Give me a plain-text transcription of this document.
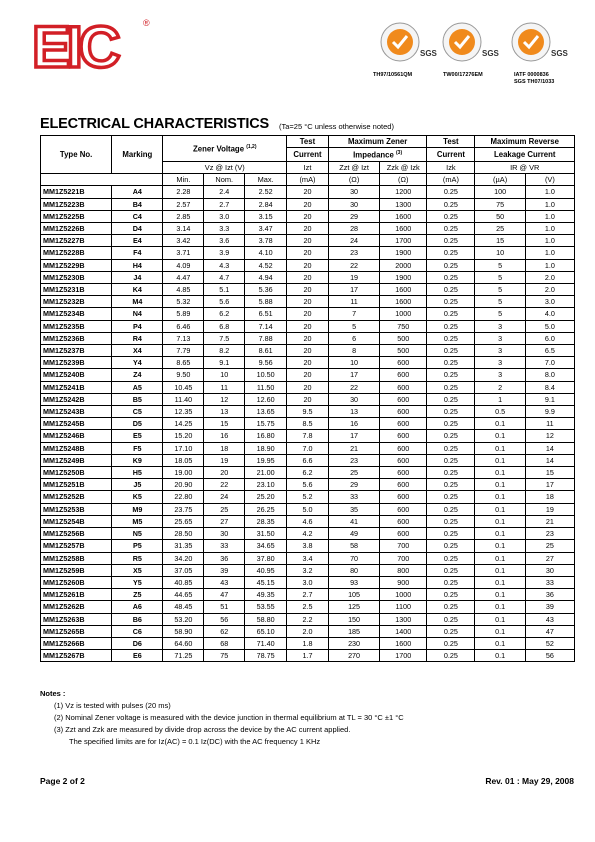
EIC	®
SGS
TH97/10561QM
SGS
TW00/17276EM
SGS
IATF 0000836
SGS TH07/1033
ELECTRICAL CHARACTERISTICS (Ta=25 °C unless otherwise noted)
Type No.	Marking	Zener Voltage $^{(1,2)}$			Test	Maximum Zener		Test	Maximum Reverse	
					Current	Impedance $^{(3)}$		Current	Leakage Current	
		Vz @ Izt (V)			Izt	Zzt @ Izt	Zzk @ Izk	Izk	IR @ VR	
		Min.	Nom.	Max.	(mA)	(Ω)	(Ω)	(mA)	(µA)	(V)
MM1Z5221B	A4	2.28	2.4	2.52	20	30	1200	0.25	100	1.0
MM1Z5223B	B4	2.57	2.7	2.84	20	30	1300	0.25	75	1.0
MM1Z5225B	C4	2.85	3.0	3.15	20	29	1600	0.25	50	1.0
MM1Z5226B	D4	3.14	3.3	3.47	20	28	1600	0.25	25	1.0
MM1Z5227B	E4	3.42	3.6	3.78	20	24	1700	0.25	15	1.0
MM1Z5228B	F4	3.71	3.9	4.10	20	23	1900	0.25	10	1.0
MM1Z5229B	H4	4.09	4.3	4.52	20	22	2000	0.25	5	1.0
MM1Z5230B	J4	4.47	4.7	4.94	20	19	1900	0.25	5	2.0
MM1Z5231B	K4	4.85	5.1	5.36	20	17	1600	0.25	5	2.0
MM1Z5232B	M4	5.32	5.6	5.88	20	11	1600	0.25	5	3.0
MM1Z5234B	N4	5.89	6.2	6.51	20	7	1000	0.25	5	4.0
MM1Z5235B	P4	6.46	6.8	7.14	20	5	750	0.25	3	5.0
MM1Z5236B	R4	7.13	7.5	7.88	20	6	500	0.25	3	6.0
MM1Z5237B	X4	7.79	8.2	8.61	20	8	500	0.25	3	6.5
MM1Z5239B	Y4	8.65	9.1	9.56	20	10	600	0.25	3	7.0
MM1Z5240B	Z4	9.50	10	10.50	20	17	600	0.25	3	8.0
MM1Z5241B	A5	10.45	11	11.50	20	22	600	0.25	2	8.4
MM1Z5242B	B5	11.40	12	12.60	20	30	600	0.25	1	9.1
MM1Z5243B	C5	12.35	13	13.65	9.5	13	600	0.25	0.5	9.9
MM1Z5245B	D5	14.25	15	15.75	8.5	16	600	0.25	0.1	11
MM1Z5246B	E5	15.20	16	16.80	7.8	17	600	0.25	0.1	12
MM1Z5248B	F5	17.10	18	18.90	7.0	21	600	0.25	0.1	14
MM1Z5249B	K9	18.05	19	19.95	6.6	23	600	0.25	0.1	14
MM1Z5250B	H5	19.00	20	21.00	6.2	25	600	0.25	0.1	15
MM1Z5251B	J5	20.90	22	23.10	5.6	29	600	0.25	0.1	17
MM1Z5252B	K5	22.80	24	25.20	5.2	33	600	0.25	0.1	18
MM1Z5253B	M9	23.75	25	26.25	5.0	35	600	0.25	0.1	19
MM1Z5254B	M5	25.65	27	28.35	4.6	41	600	0.25	0.1	21
MM1Z5256B	N5	28.50	30	31.50	4.2	49	600	0.25	0.1	23
MM1Z5257B	P5	31.35	33	34.65	3.8	58	700	0.25	0.1	25
MM1Z5258B	R5	34.20	36	37.80	3.4	70	700	0.25	0.1	27
MM1Z5259B	X5	37.05	39	40.95	3.2	80	800	0.25	0.1	30
MM1Z5260B	Y5	40.85	43	45.15	3.0	93	900	0.25	0.1	33
MM1Z5261B	Z5	44.65	47	49.35	2.7	105	1000	0.25	0.1	36
MM1Z5262B	A6	48.45	51	53.55	2.5	125	1100	0.25	0.1	39
MM1Z5263B	B6	53.20	56	58.80	2.2	150	1300	0.25	0.1	43
MM1Z5265B	C6	58.90	62	65.10	2.0	185	1400	0.25	0.1	47
MM1Z5266B	D6	64.60	68	71.40	1.8	230	1600	0.25	0.1	52
MM1Z5267B	E6	71.25	75	78.75	1.7	270	1700	0.25	0.1	56
Notes :
(1) Vz is tested with pulses (20 ms)
(2) Nominal Zener voltage is measured with the device junction in thermal equilibrium at TL = 30 °C ±1 °C
(3) Zzt and Zzk are measured by divide drop across the device by the AC current applied.
The specified limits are for Iz(AC) = 0.1 Iz(DC) with the AC frequency 1 KHz
Page 2 of 2	Rev. 01 : May 29, 2008
